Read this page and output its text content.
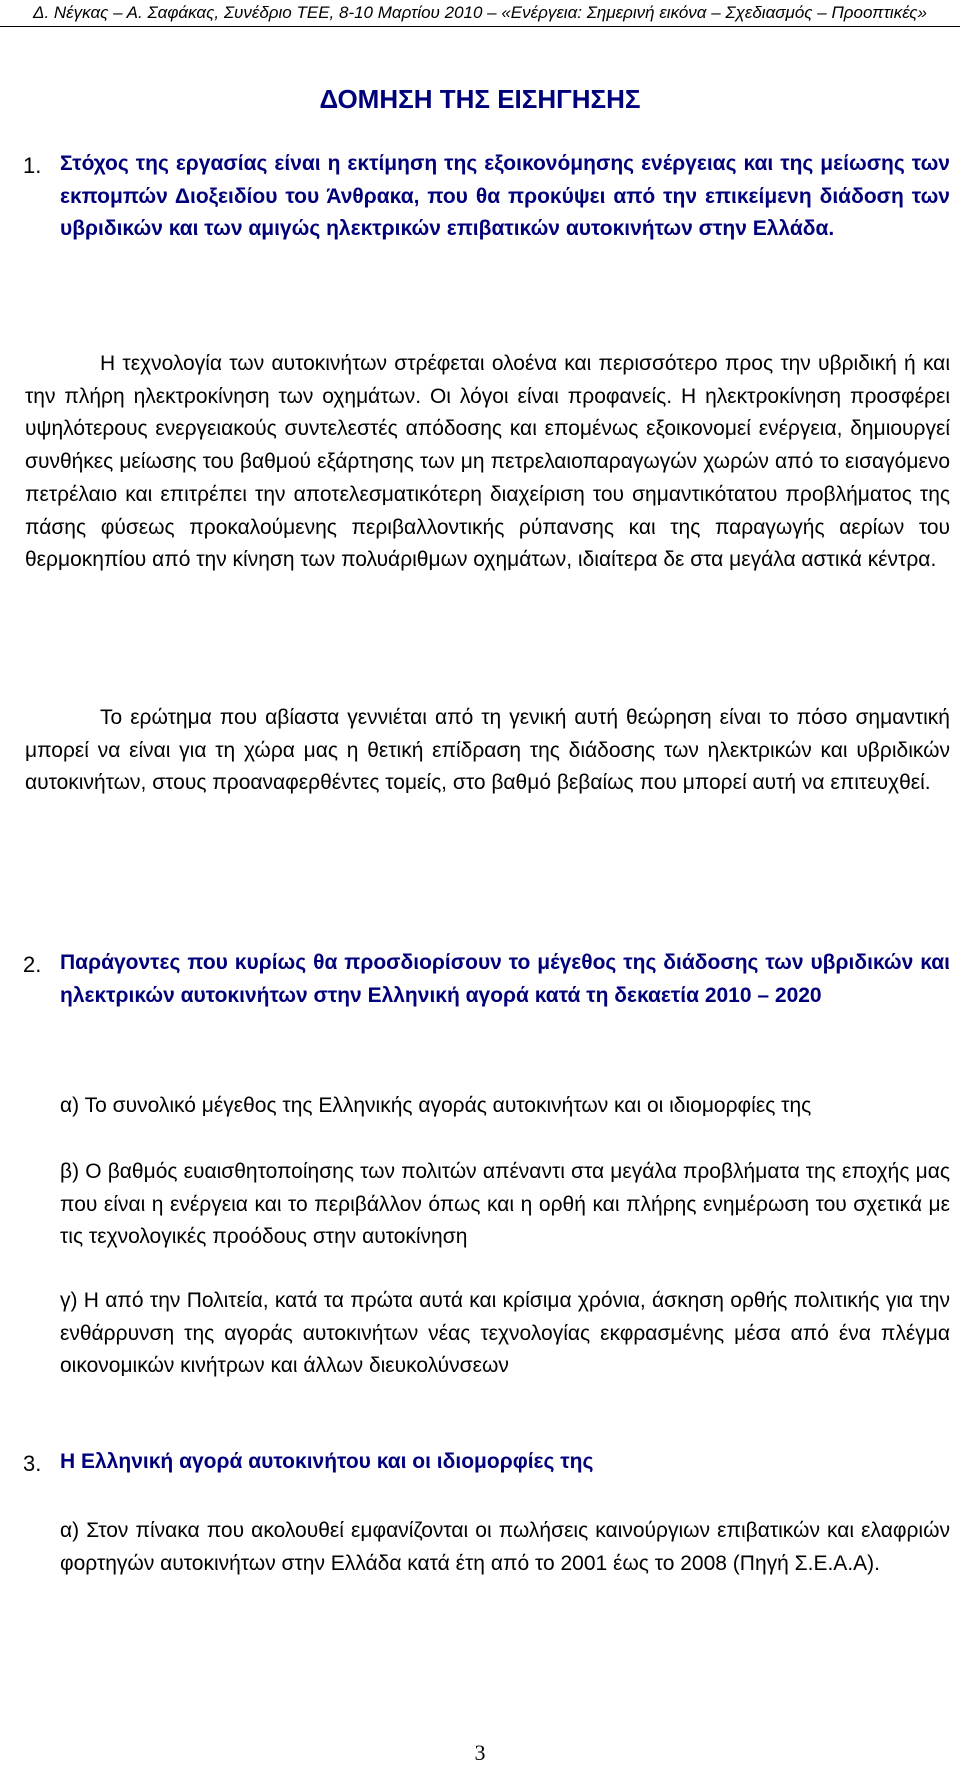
Δ. Νέγκας – Α. Σαφάκας, Συνέδριο ΤΕΕ, 8-10 Μαρτίου 2010 – «Ενέργεια: Σημερινή εικόνα – Σχεδιασμός – Προοπτικές»
ΔΟΜΗΣΗ ΤΗΣ ΕΙΣΗΓΗΣΗΣ
1. Στόχος της εργασίας είναι η εκτίμηση της εξοικονόμησης ενέργειας και της μείωσης των εκπομπών Διοξειδίου του Άνθρακα, που θα προκύψει από την επικείμενη διάδοση των υβριδικών και των αμιγώς ηλεκτρικών επιβατικών αυτοκινήτων στην Ελλάδα.

Η τεχνολογία των αυτοκινήτων στρέφεται ολοένα και περισσότερο προς την υβριδική ή και την πλήρη ηλεκτροκίνηση των οχημάτων. Οι λόγοι είναι προφανείς. Η ηλεκτροκίνηση προσφέρει υψηλότερους ενεργειακούς συντελεστές απόδοσης και επομένως εξοικονομεί ενέργεια, δημιουργεί συνθήκες μείωσης του βαθμού εξάρτησης των μη πετρελαιοπαραγωγών χωρών από το εισαγόμενο πετρέλαιο και επιτρέπει την αποτελεσματικότερη διαχείριση του σημαντικότατου προβλήματος της πάσης φύσεως προκαλούμενης περιβαλλοντικής ρύπανσης και της παραγωγής αερίων του θερμοκηπίου από την κίνηση των πολυάριθμων οχημάτων, ιδιαίτερα δε στα μεγάλα αστικά κέντρα.

Το ερώτημα που αβίαστα γεννιέται από τη γενική αυτή θεώρηση είναι το πόσο σημαντική μπορεί να είναι για τη χώρα μας η θετική επίδραση της διάδοσης των ηλεκτρικών και υβριδικών αυτοκινήτων, στους προαναφερθέντες τομείς, στο βαθμό βεβαίως που μπορεί αυτή να επιτευχθεί.

2. Παράγοντες που κυρίως θα προσδιορίσουν το μέγεθος της διάδοσης των υβριδικών και ηλεκτρικών αυτοκινήτων στην Ελληνική αγορά κατά τη δεκαετία 2010 – 2020

α) Το συνολικό μέγεθος της Ελληνικής αγοράς αυτοκινήτων και οι ιδιομορφίες της

β) Ο βαθμός ευαισθητοποίησης των πολιτών απέναντι στα μεγάλα προβλήματα της εποχής μας που είναι η ενέργεια και το περιβάλλον όπως και η ορθή και πλήρης ενημέρωση του σχετικά με τις τεχνολογικές προόδους στην αυτοκίνηση

γ) Η από την Πολιτεία, κατά τα πρώτα αυτά και κρίσιμα χρόνια, άσκηση ορθής πολιτικής για την ενθάρρυνση της αγοράς αυτοκινήτων νέας τεχνολογίας εκφρασμένης μέσα από ένα πλέγμα οικονομικών κινήτρων και άλλων διευκολύνσεων

3. Η Ελληνική αγορά αυτοκινήτου και οι ιδιομορφίες της

α) Στον πίνακα που ακολουθεί εμφανίζονται οι πωλήσεις καινούργιων επιβατικών και ελαφριών φορτηγών αυτοκινήτων στην Ελλάδα κατά έτη από το 2001 έως το 2008 (Πηγή Σ.Ε.Α.Α).

3
